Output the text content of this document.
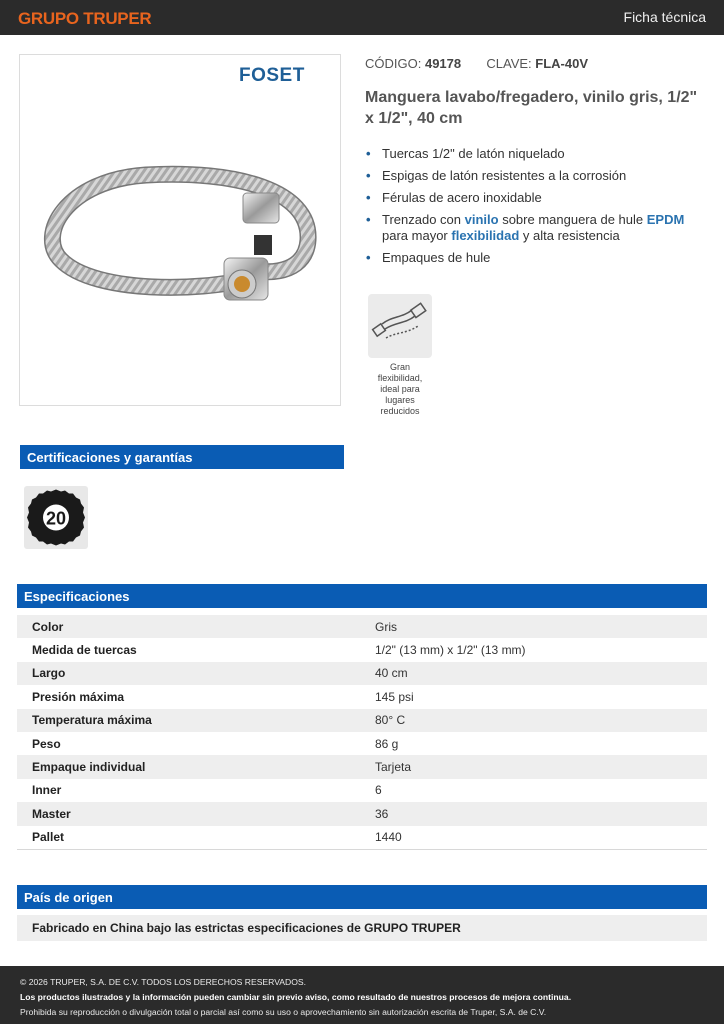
GRUPO TRUPER	Ficha técnica
FOSET
CÓDIGO: 49178 CLAVE: FLA-40V
Manguera lavabo/fregadero, vinilo gris, 1/2" x 1/2", 40 cm
• Tuercas 1/2" de latón niquelado
• Espigas de latón resistentes a la corrosión
• Férulas de acero inoxidable
• Trenzado con vinilo sobre manguera de hule EPDM para mayor flexibilidad y alta resistencia
• Empaques de hule
Gran flexibilidad, ideal para lugares reducidos
Certificaciones y garantías
20
Especificaciones
Color	Gris
Medida de tuercas	1/2" (13 mm) x 1/2" (13 mm)
Largo	40 cm
Presión máxima	145 psi
Temperatura máxima	80° C
Peso	86 g
Empaque individual	Tarjeta
Inner	6
Master	36
Pallet	1440
País de origen
Fabricado en China bajo las estrictas especificaciones de GRUPO TRUPER
© 2026 TRUPER, S.A. DE C.V. TODOS LOS DERECHOS RESERVADOS.
Los productos ilustrados y la información pueden cambiar sin previo aviso, como resultado de nuestros procesos de mejora continua.
Prohibida su reproducción o divulgación total o parcial así como su uso o aprovechamiento sin autorización escrita de Truper, S.A. de C.V.
